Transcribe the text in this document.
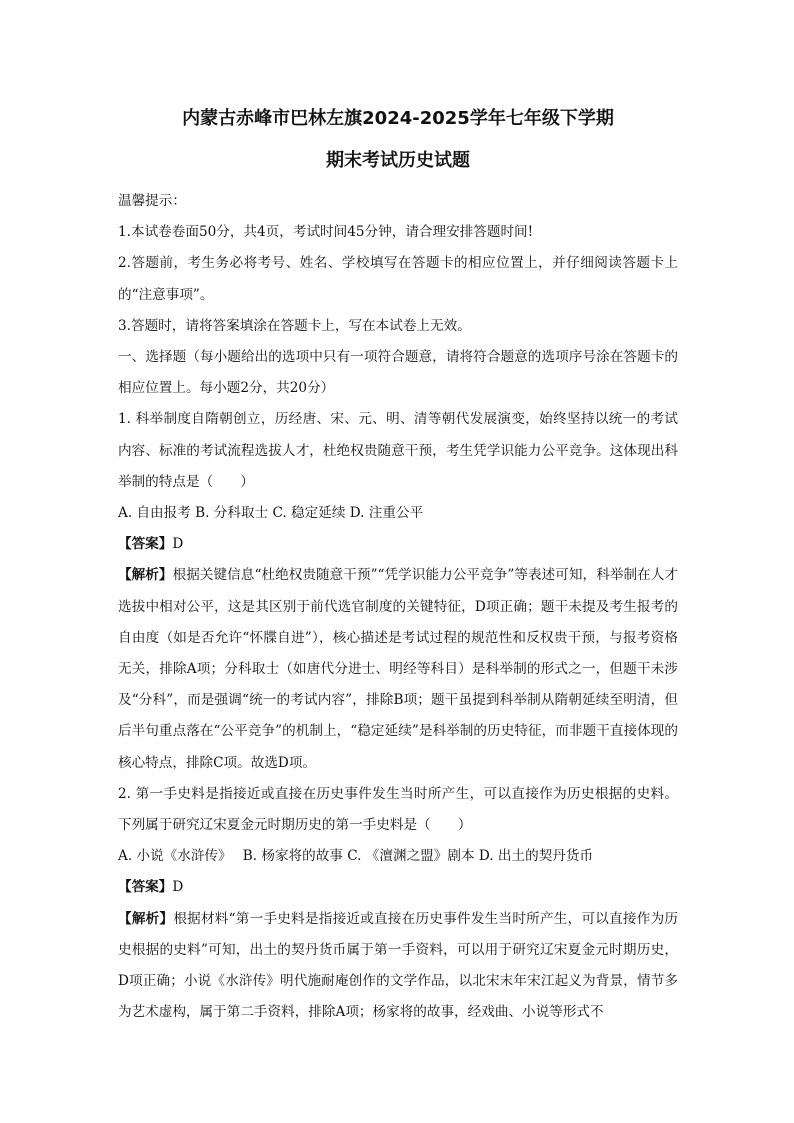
内蒙古赤峰市巴林左旗2024-2025学年七年级下学期
期末考试历史试题

温馨提示：

1.本试卷卷面50分，共4页，考试时间45分钟，请合理安排答题时间!

2.答题前，考生务必将考号、姓名、学校填写在答题卡的相应位置上，并仔细阅读答题卡上的“注意事项”。

3.答题时，请将答案填涂在答题卡上，写在本试卷上无效。

一、选择题（每小题给出的选项中只有一项符合题意，请将符合题意的选项序号涂在答题卡的相应位置上。每小题2分，共20分）

1. 科举制度自隋朝创立，历经唐、宋、元、明、清等朝代发展演变，始终坚持以统一的考试内容、标准的考试流程选拔人才，杜绝权贵随意干预，考生凭学识能力公平竞争。这体现出科举制的特点是（　　）

A. 自由报考 B. 分科取士 C. 稳定延续 D. 注重公平

【答案】D

【解析】根据关键信息“杜绝权贵随意干预”“凭学识能力公平竞争”等表述可知，科举制在人才选拔中相对公平，这是其区别于前代选官制度的关键特征，D项正确；题干未提及考生报考的自由度（如是否允许“怀牒自进”），核心描述是考试过程的规范性和反权贵干预，与报考资格无关，排除A项；分科取士（如唐代分进士、明经等科目）是科举制的形式之一，但题干未涉及“分科”，而是强调“统一的考试内容”，排除B项；题干虽提到科举制从隋朝延续至明清，但后半句重点落在“公平竞争”的机制上，“稳定延续”是科举制的历史特征，而非题干直接体现的核心特点，排除C项。故选D项。

2. 第一手史料是指接近或直接在历史事件发生当时所产生，可以直接作为历史根据的史料。下列属于研究辽宋夏金元时期历史的第一手史料是（　　）

A. 小说《水浒传》　 B. 杨家将的故事 C. 《澶渊之盟》剧本 D. 出土的契丹货币

【答案】D

【解析】根据材料“第一手史料是指接近或直接在历史事件发生当时所产生，可以直接作为历史根据的史料”可知，出土的契丹货币属于第一手资料，可以用于研究辽宋夏金元时期历史，D项正确；小说《水浒传》明代施耐庵创作的文学作品，以北宋末年宋江起义为背景，情节多为艺术虚构，属于第二手资料，排除A项；杨家将的故事，经戏曲、小说等形式不
